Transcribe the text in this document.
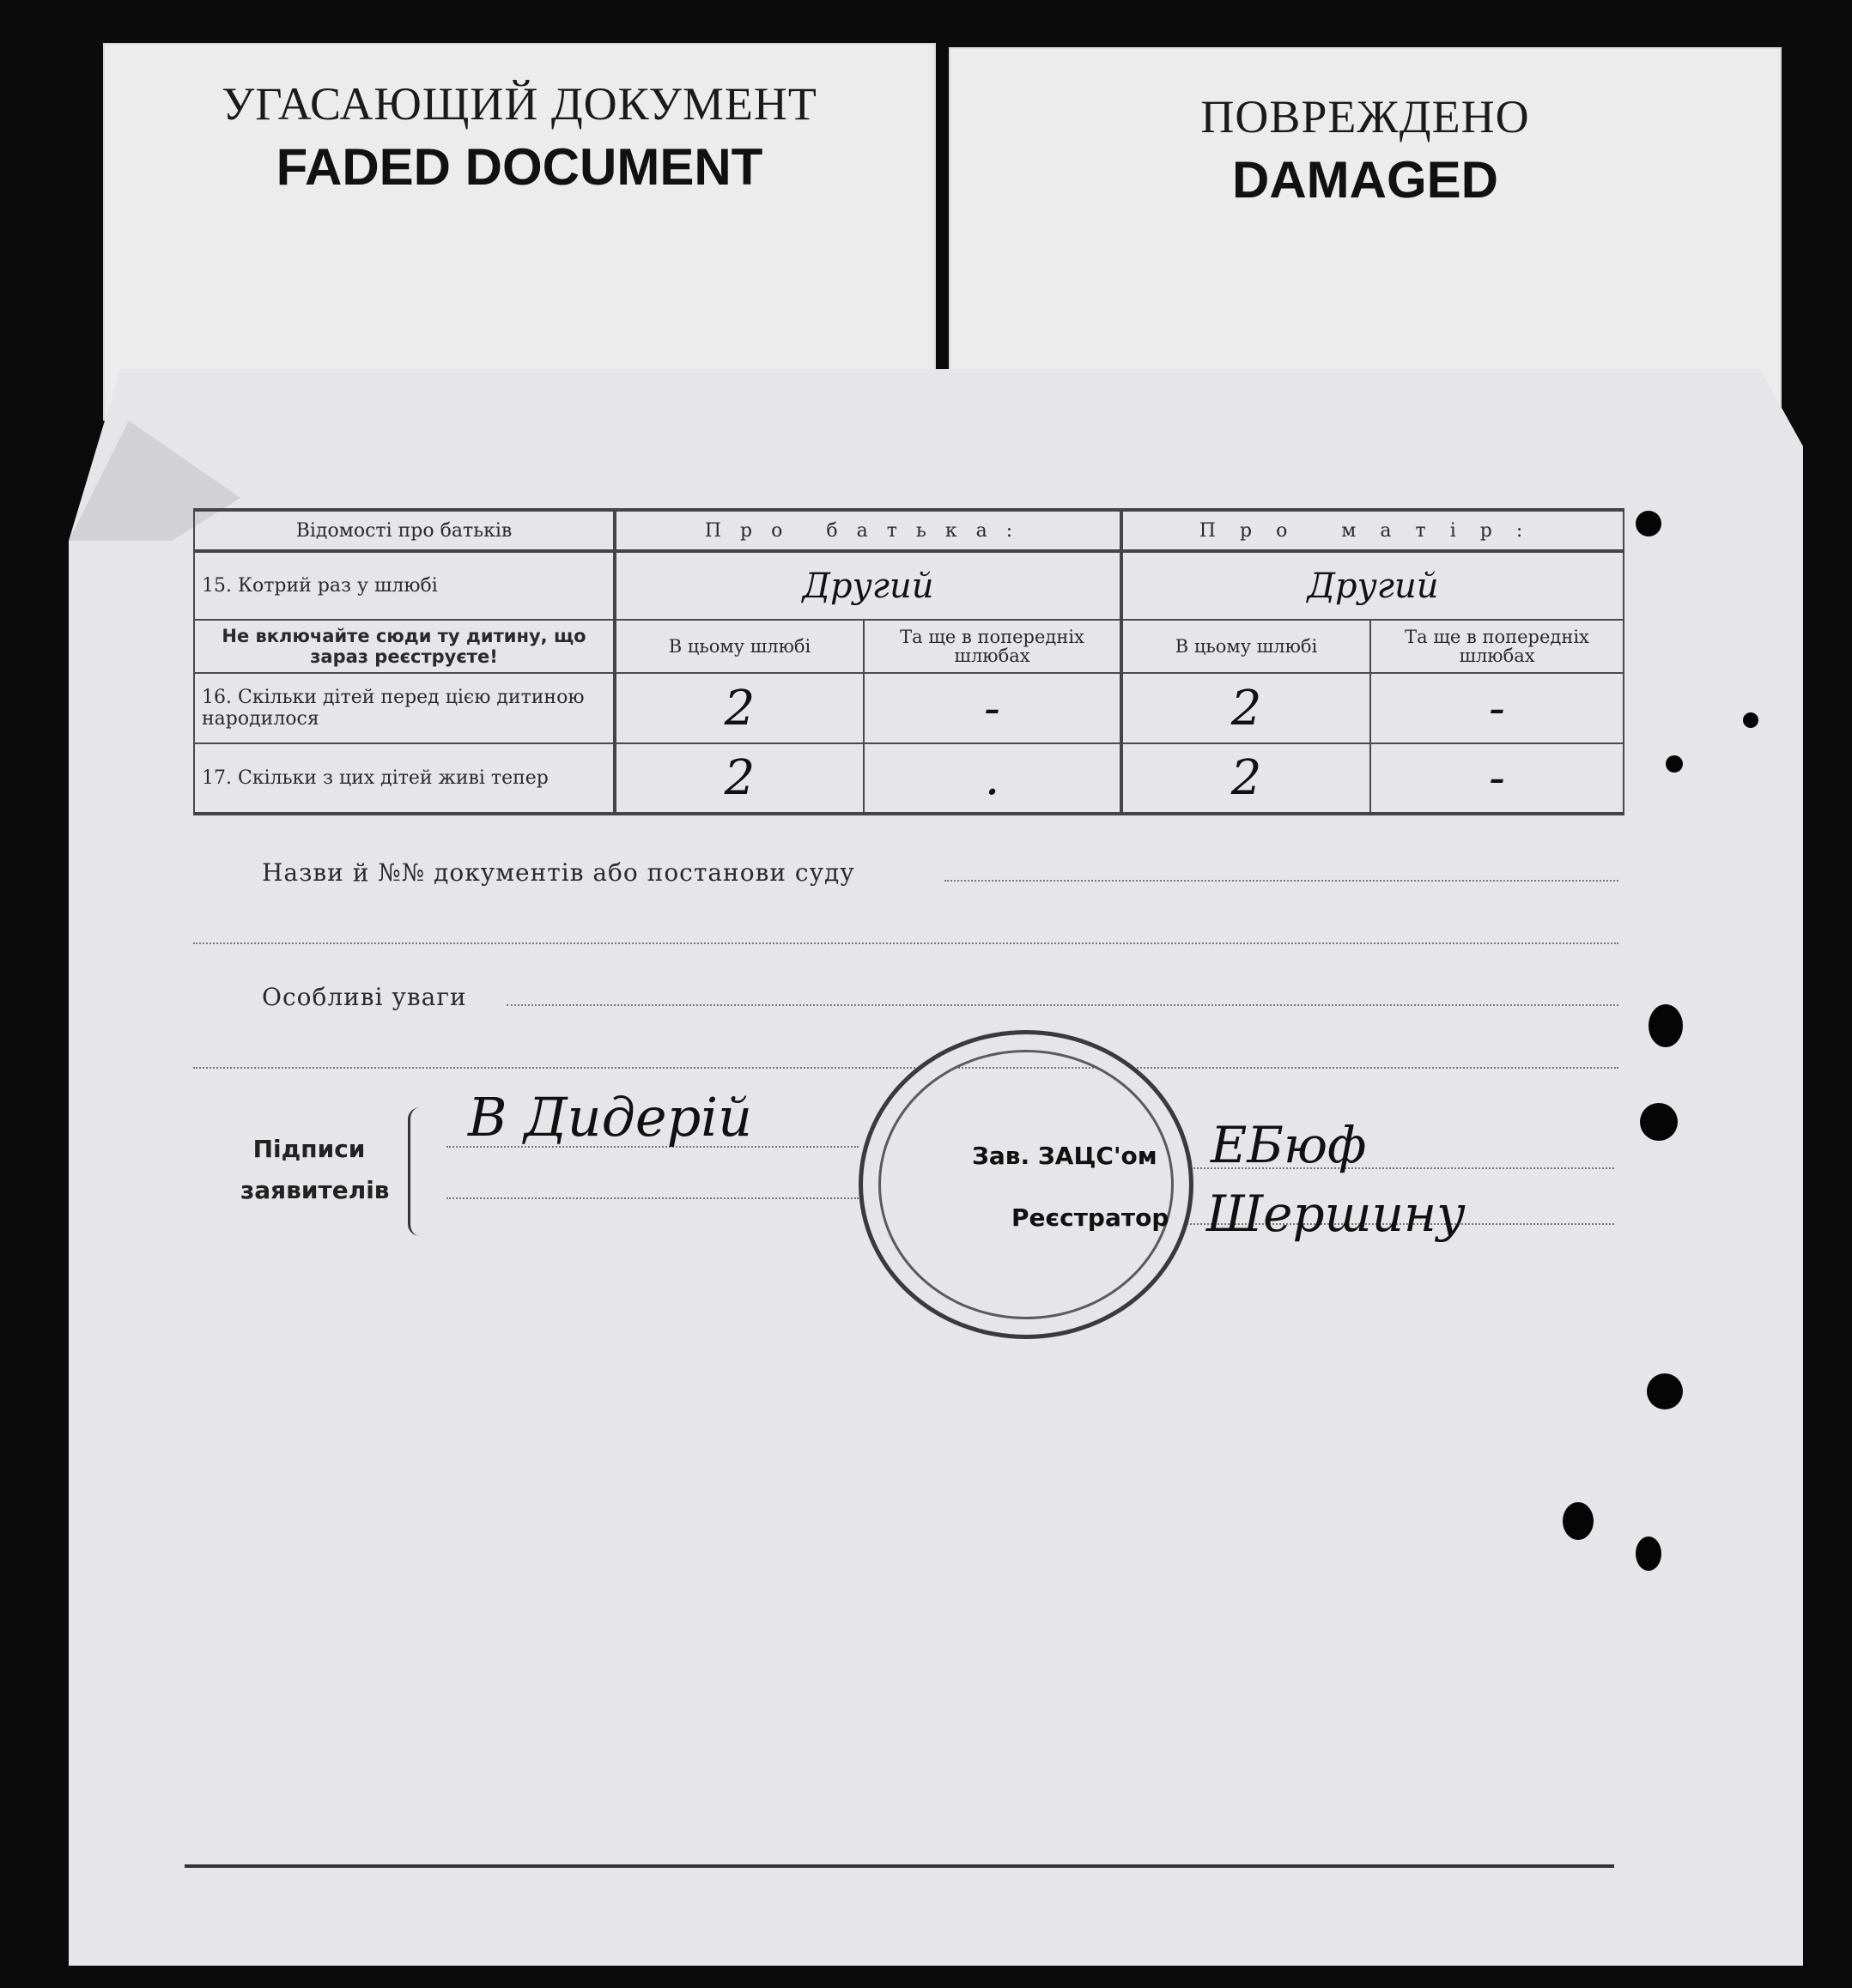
УГАСАЮЩИЙ ДОКУМЕНТ
FADED DOCUMENT
ПОВРЕЖДЕНО
DAMAGED
Відомості про батьків	Про батька:		Про матір:	
15. Котрий раз у шлюбі	Другий		Другий	
Не включайте сюди ту дитину, що зараз реєструєте!	В цьому шлюбі	Та ще в попередніх шлюбах	В цьому шлюбі	Та ще в попередніх шлюбах
16. Скільки дітей перед цією дитиною народилося	2	-	2	-
17. Скільки з цих дітей живі тепер	2	.	2	-
Назви й №№ документів або постанови суду
Особливі уваги
Підписи заявителів
В Дидерій
Зав. ЗАЦС'ом
Реєстратор
ЕБюф
Шершину
